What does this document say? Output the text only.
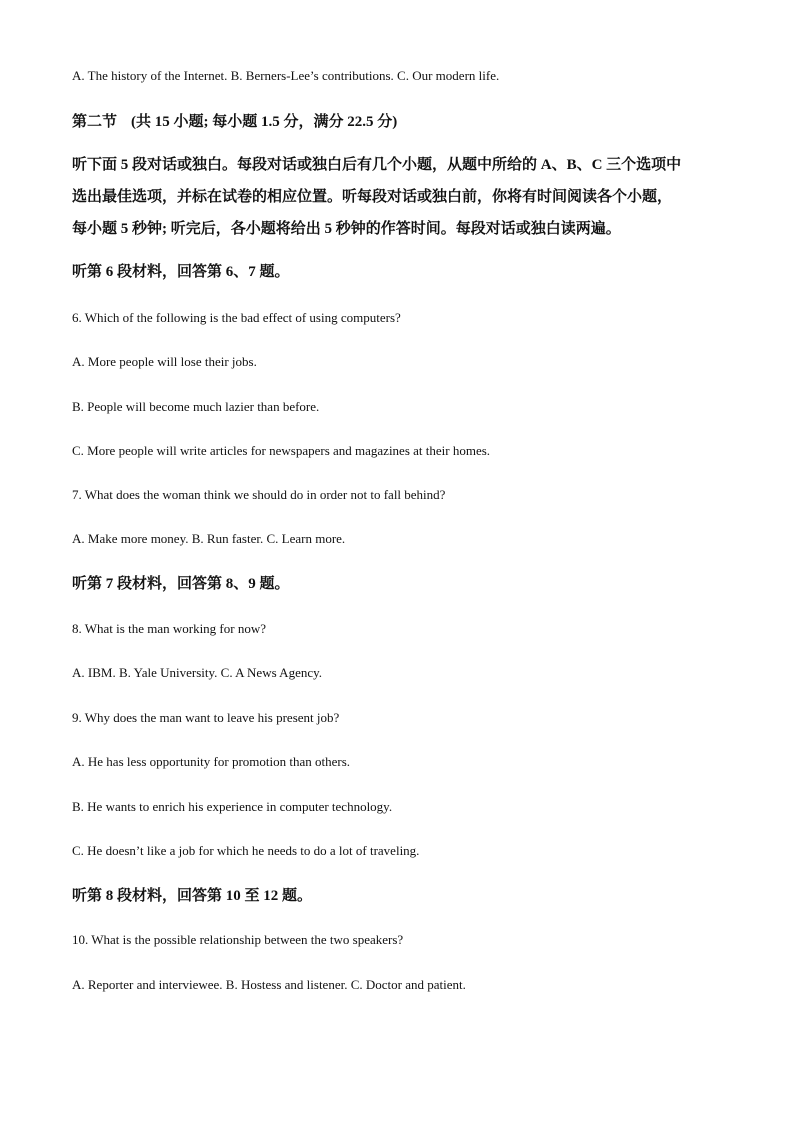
A. The history of the Internet. B. Berners-Lee’s contributions. C. Our modern life.
第二节 (共 15 小题; 每小题 1.5 分，满分 22.5 分)
听下面 5 段对话或独白。每段对话或独白后有几个小题，从题中所给的 A、B、C 三个选项中
选出最佳选项，并标在试卷的相应位置。听每段对话或独白前，你将有时间阅读各个小题，
每小题 5 秒钟; 听完后，各小题将给出 5 秒钟的作答时间。每段对话或独白读两遍。
听第 6 段材料，回答第 6、7 题。
6. Which of the following is the bad effect of using computers?
A. More people will lose their jobs.
B. People will become much lazier than before.
C. More people will write articles for newspapers and magazines at their homes.
7. What does the woman think we should do in order not to fall behind?
A. Make more money. B. Run faster. C. Learn more.
听第 7 段材料，回答第 8、9 题。
8. What is the man working for now?
A. IBM. B. Yale University. C. A News Agency.
9. Why does the man want to leave his present job?
A. He has less opportunity for promotion than others.
B. He wants to enrich his experience in computer technology.
C. He doesn’t like a job for which he needs to do a lot of traveling.
听第 8 段材料，回答第 10 至 12 题。
10. What is the possible relationship between the two speakers?
A. Reporter and interviewee. B. Hostess and listener. C. Doctor and patient.
